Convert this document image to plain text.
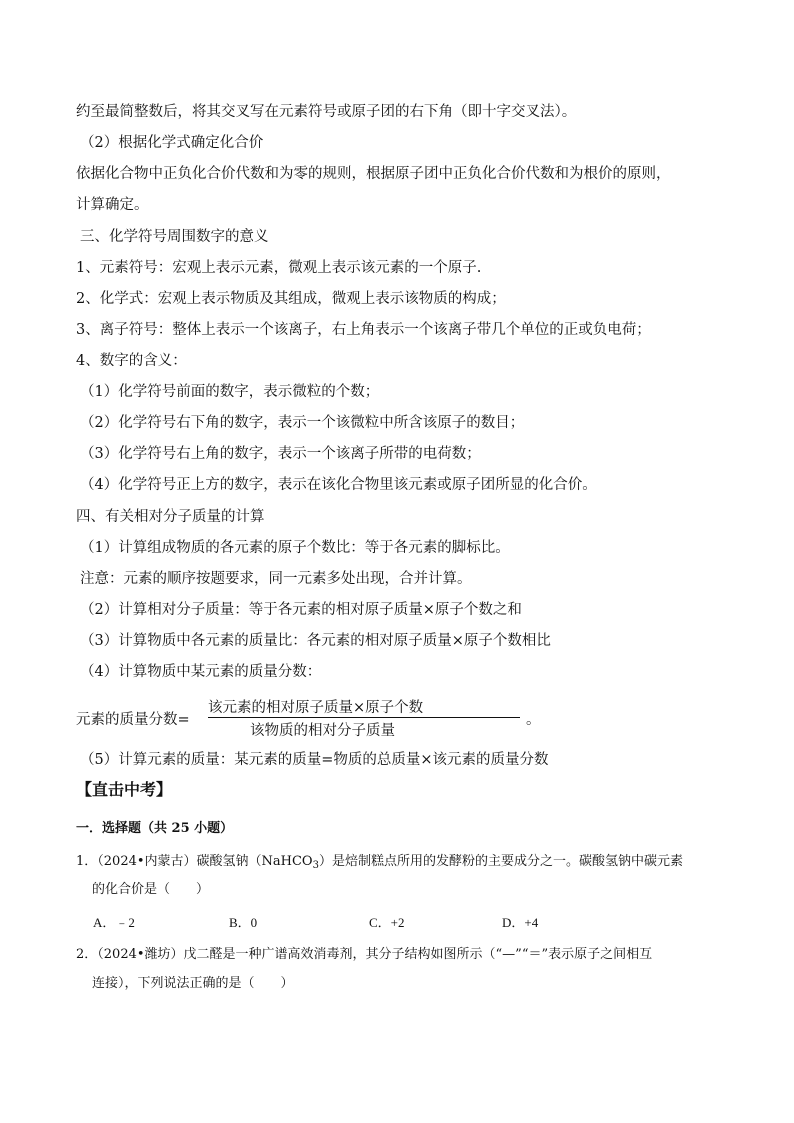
约至最简整数后，将其交叉写在元素符号或原子团的右下角（即十字交叉法）。
（2）根据化学式确定化合价
依据化合物中正负化合价代数和为零的规则，根据原子团中正负化合价代数和为根价的原则，
计算确定。
三、化学符号周围数字的意义
1、元素符号：宏观上表示元素，微观上表示该元素的一个原子.
2、化学式：宏观上表示物质及其组成，微观上表示该物质的构成；
3、离子符号：整体上表示一个该离子，右上角表示一个该离子带几个单位的正或负电荷；
4、数字的含义：
（1）化学符号前面的数字，表示微粒的个数；
（2）化学符号右下角的数字，表示一个该微粒中所含该原子的数目；
（3）化学符号右上角的数字，表示一个该离子所带的电荷数；
（4）化学符号正上方的数字，表示在该化合物里该元素或原子团所显的化合价。
四、有关相对分子质量的计算
（1）计算组成物质的各元素的原子个数比：等于各元素的脚标比。
注意：元素的顺序按题要求，同一元素多处出现，合并计算。
（2）计算相对分子质量：等于各元素的相对原子质量×原子个数之和
（3）计算物质中各元素的质量比：各元素的相对原子质量×原子个数相比
（4）计算物质中某元素的质量分数：
元素的质量分数=
该元素的相对原子质量×原子个数
该物质的相对分子质量
。
（5）计算元素的质量：某元素的质量=物质的总质量×该元素的质量分数
【直击中考】
一．选择题（共 25 小题）
1．（2024•内蒙古）碳酸氢钠（NaHCO$_3$）是焙制糕点所用的发酵粉的主要成分之一。碳酸氢钠中碳元素
的化合价是（　　）
A．﹣2	B．0	C．+2	D．+4
2．（2024•潍坊）戊二醛是一种广谱高效消毒剂，其分子结构如图所示（“—”“＝”表示原子之间相互
连接），下列说法正确的是（　　）
